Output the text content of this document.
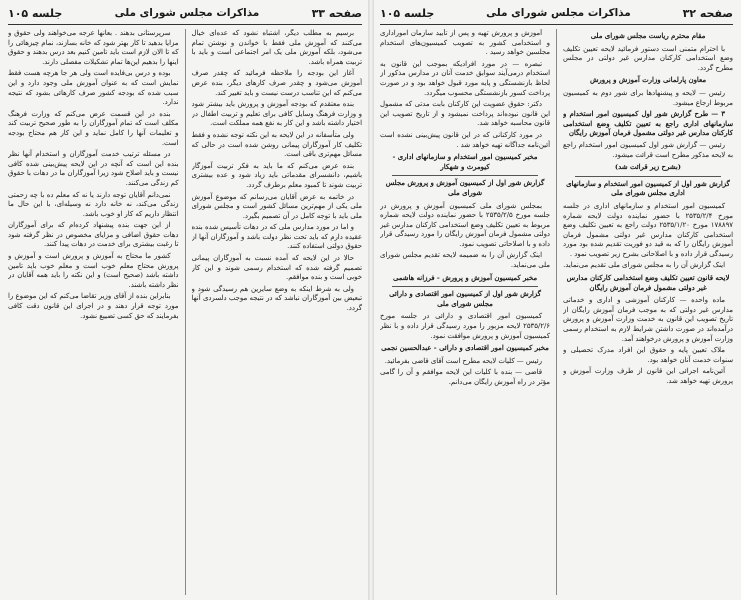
صفحه ۳۳
مذاکرات مجلس شورای ملی
جلسه ۱۰۵

برسیم به مطلب دیگر، اشتباه نشود که عده‌ای خیال می‌کنند که آموزش ملی فقط با خواندن و نوشتن تمام می‌شود، بلکه آموزش ملی یک امر اجتماعی است و باید با تربیت همراه باشد.

آغاز این بودجه را ملاحظه فرمائید که چقدر صرف آموزش می‌شود و چقدر صرف کارهای دیگر، بنده عرض می‌کنم که این تناسب درست نیست و باید تغییر کند.

بنده معتقدم که بودجه آموزش و پرورش باید بیشتر شود و وزارت فرهنگ وسایل کافی برای تعلیم و تربیت اطفال در اختیار داشته باشد و این کار به نفع همه مملکت است.

ولی متأسفانه در این لایحه به این نکته توجه نشده و فقط تکلیف کار آموزگاران پیمانی روشن شده است در حالی که مسائل مهم‌تری باقی است.

بنده عرض می‌کنم که ما باید به فکر تربیت آموزگار باشیم، دانشسرای مقدماتی باید زیاد شود و عده بیشتری تربیت شوند تا کمبود معلم برطرف گردد.

در خاتمه به عرض آقایان می‌رسانم که موضوع آموزش ملی یکی از مهم‌ترین مسائل کشور است و مجلس شورای ملی باید با توجه کامل در آن تصمیم بگیرد.

و اما در مورد مدارس ملی که در دهات تأسیس شده بنده عقیده دارم که باید تحت نظر دولت باشد و آموزگاران آنها از حقوق دولتی استفاده کنند.

حالا در این لایحه که آمده نسبت به آموزگاران پیمانی تصمیم گرفته شده که استخدام رسمی شوند و این کار خوبی است و بنده موافقم.

ولی به شرط اینکه به وضع سایرین هم رسیدگی شود و تبعیض بین آموزگاران نباشد که در نتیجه موجب دلسردی آنها گردد.

سرپرستانی بدهند . بعانها عرجه می‌خواهند ولی حقوق و مزایا بدهید تا کار بهتر شود که خانه بسازند، نمام چیزهائی را که تا الان لازم است باید تامین کنیم بعد درس بدهند و حقوق اینها را بدهیم این‌ها تمام تشکیلات مفصلی دارند.

بوده و درس بی‌فایده است ولی هر جا هرچه هست فقط نمایش است که به عنوان آموزش ملی وجود دارد و این سبب شده که بودجه کشور صرف کارهائی بشود که نتیجه ندارد.

بنده در این قسمت عرض می‌کنم که وزارت فرهنگ مکلف است که تمام آموزگاران را به طور صحیح تربیت کند و تعلیمات آنها را کامل نماید و این کار هم محتاج بودجه است.

در مسئله ترتیب خدمت آموزگاران و استخدام آنها نظر بنده این است که آنچه در این لایحه پیش‌بینی شده کافی نیست و باید اصلاح شود زیرا آموزگاران ما در دهات با حقوق کم زندگی می‌کنند.

نمی‌دانم آقایان توجه دارند یا نه که معلم ده با چه زحمتی زندگی می‌کند، نه خانه دارد نه وسیله‌ای، با این حال ما انتظار داریم که کار او خوب باشد.

از این جهت بنده پیشنهاد کرده‌ام که برای آموزگاران دهات حقوق اضافی و مزایای مخصوص در نظر گرفته شود تا رغبت بیشتری برای خدمت در دهات پیدا کنند.

کشور ما محتاج به آموزش و پرورش است و آموزش و پرورش محتاج معلم خوب است و معلم خوب باید تامین داشته باشد (صحیح است) و این نکته را باید همه آقایان در نظر داشته باشند.

بنابراین بنده از آقای وزیر تقاضا می‌کنم که این موضوع را مورد توجه قرار دهند و در اجرای این قانون دقت کافی بفرمایند که حق کسی تضییع نشود.

صفحه ۳۲
مذاکرات مجلس شورای ملی
جلسه ۱۰۵

مقام محترم ریاست مجلس شورای ملی

با احترام متمنی است دستور فرمائید لایحه تعیین تکلیف وضع استخدامی کارکنان مدارس غیر دولتی در مجلس مطرح گردد.

معاون پارلمانی وزارت آموزش و پرورش

رئیس — لایحه و پیشنهادها برای شور دوم به کمیسیون مربوط ارجاع میشود.

۳ — طرح گزارش شور اول کمیسیون امور استخدام و سازمانهای اداری راجع به تعیین تکلیف وضع استخدامی کارکنان مدارس غیر دولتی مشمول فرمان آموزش رایگان

رئیس — گزارش شور اول کمیسیون امور استخدام راجع به لایحه مذکور مطرح است قرائت میشود.

(بشرح زیر قرائت شد)

گزارش شور اول از کمیسیون امور استخدام و سازمانهای اداری مجلس شورای ملی

کمیسیون امور استخدام و سازمانهای اداری در جلسه مورخ ۲۵۳۵/۲/۴ با حضور نماینده دولت لایحه شماره ۱۷۸۸۹۷ مورخ ۲۵۳۵/۱/۲۰ دولت راجع به تعیین تکلیف وضع استخدامی کارکنان مدارس غیر دولتی مشمول فرمان آموزش رایگان را که به قید دو فوریت تقدیم شده بود مورد رسیدگی قرار داده و با اصلاحاتی بشرح زیر تصویب نمود .

اینک گزارش آن را به مجلس شورای ملی تقدیم می‌نماید.

لایحه قانون تعیین تکلیف وضع استخدامی کارکنان مدارس غیر دولتی مشمول فرمان آموزش رایگان

ماده واحده — کارکنان آموزشی و اداری و خدماتی مدارس غیر دولتی که به موجب فرمان آموزش رایگان از تاریخ تصویب این قانون به خدمت وزارت آموزش و پرورش درآمده‌اند در صورت داشتن شرایط لازم به استخدام رسمی وزارت آموزش و پرورش درخواهند آمد.

ملاک تعیین پایه و حقوق این افراد مدرک تحصیلی و سنوات خدمت آنان خواهد بود.

آئین‌نامه اجرائی این قانون از طرف وزارت آموزش و پرورش تهیه خواهد شد.

آموزش و پرورش تهیه و پس از تأیید سازمان اموراداری و استخدامی کشور به تصویب کمیسیون‌های استخدام مجلسین خواهد رسید .

تبصره — در مورد افرادیکه بموجب این قانون به استخدام درمی‌آیند سوابق خدمت آنان در مدارس مذکور از لحاظ بازنشستگی و پایه مورد قبول خواهد بود و در صورت پرداخت کسور بازنشستگی محسوب میگردد.

دکتر: حقوق عضویت این کارکنان بابت مدتی که مشمول این قانون نبوده‌اند پرداخت نمیشود و از تاریخ تصویب این قانون محاسبه خواهد شد.

در مورد کارکنانی که در این قانون پیش‌بینی نشده است آئین‌نامه جداگانه تهیه خواهد شد .

مخبر کمیسیون امور استخدام و سازمانهای اداری - کیومرث و شهکار

گزارش شور اول از کمیسیون آموزش و پرورش مجلس شورای ملی

بمجلس شورای ملی کمیسیون آموزش و پرورش در جلسه مورخ ۲۵۳۵/۲/۵ با حضور نماینده دولت لایحه شماره مربوط به تعیین تکلیف وضع استخدامی کارکنان مدارس غیر دولتی مشمول فرمان آموزش رایگان را مورد رسیدگی قرار داده و با اصلاحاتی تصویب نمود.

اینک گزارش آن را به ضمیمه لایحه تقدیم مجلس شورای ملی می‌نماید.

مخبر کمیسیون آموزش و پرورش - فرزانه هاشمی

گزارش شور اول از کمیسیون امور اقتصادی و دارائی مجلس شورای ملی

کمیسیون امور اقتصادی و دارائی در جلسه مورخ ۲۵۳۵/۲/۶ لایحه مزبور را مورد رسیدگی قرار داده و با نظر کمیسیون آموزش و پرورش موافقت نمود.

مخبر کمیسیون امور اقتصادی و دارائی - عبدالحسین نجمی

رئیس — کلیات لایحه مطرح است آقای قاضی بفرمائید.

قاضی — بنده با کلیات این لایحه موافقم و آن را گامی مؤثر در راه آموزش رایگان می‌دانم.
